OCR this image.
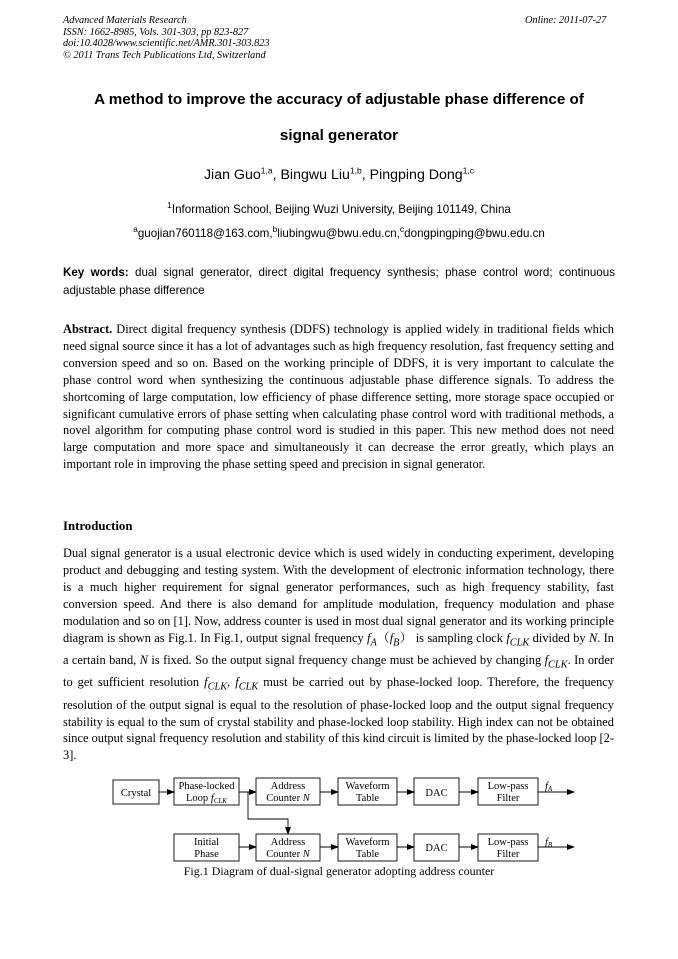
Advanced Materials Research
ISSN: 1662-8985, Vols. 301-303, pp 823-827
doi:10.4028/www.scientific.net/AMR.301-303.823
© 2011 Trans Tech Publications Ltd, Switzerland
Online: 2011-07-27
A method to improve the accuracy of adjustable phase difference of
signal generator
Jian Guo$^{1,a}$, Bingwu Liu$^{1,b}$, Pingping Dong$^{1,c}$
$^1$Information School, Beijing Wuzi University, Beijing 101149, China
$^a$guojian760118@163.com,$^b$liubingwu@bwu.edu.cn,$^c$dongpingping@bwu.edu.cn
Key words: dual signal generator, direct digital frequency synthesis; phase control word; continuous adjustable phase difference
Abstract. Direct digital frequency synthesis (DDFS) technology is applied widely in traditional fields which need signal source since it has a lot of advantages such as high frequency resolution, fast frequency setting and conversion speed and so on. Based on the working principle of DDFS, it is very important to calculate the phase control word when synthesizing the continuous adjustable phase difference signals. To address the shortcoming of large computation, low efficiency of phase difference setting, more storage space occupied or significant cumulative errors of phase setting when calculating phase control word with traditional methods, a novel algorithm for computing phase control word is studied in this paper. This new method does not need large computation and more space and simultaneously it can decrease the error greatly, which plays an important role in improving the phase setting speed and precision in signal generator.
Introduction
Dual signal generator is a usual electronic device which is used widely in conducting experiment, developing product and debugging and testing system. With the development of electronic information technology, there is a much higher requirement for signal generator performances, such as high frequency stability, fast conversion speed. And there is also demand for amplitude modulation, frequency modulation and phase modulation and so on [1]. Now, address counter is used in most dual signal generator and its working principle diagram is shown as Fig.1. In Fig.1, output signal frequency $f_A(f_B)$ is sampling clock $f_{CLK}$ divided by N. In a certain band, N is fixed. So the output signal frequency change must be achieved by changing $f_{CLK}$. In order to get sufficient resolution $f_{CLK}$, $f_{CLK}$ must be carried out by phase-locked loop. Therefore, the frequency resolution of the output signal is equal to the resolution of phase-locked loop and the output signal frequency stability is equal to the sum of crystal stability and phase-locked loop stability. High index can not be obtained since output signal frequency resolution and stability of this kind circuit is limited by the phase-locked loop [2-3].
Crystal
Phase-locked
Loop fCLK
Address
Counter N
Waveform
Table	DAC
Low-pass
Filter
fA
Initial
Phase
Address
Counter N
Waveform
Table
DAC
Low-pass
Filter
fB
Fig.1 Diagram of dual-signal generator adopting address counter
